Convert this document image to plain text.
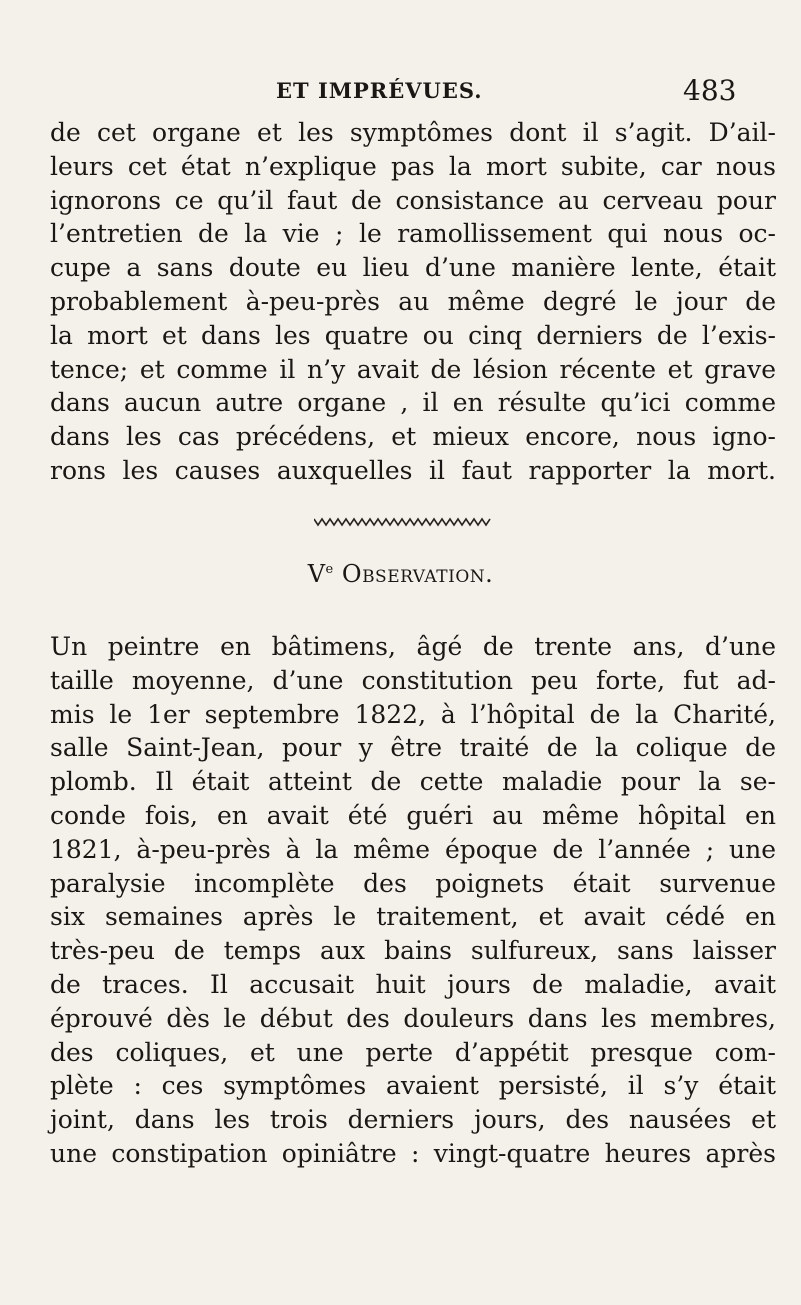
ET IMPRÉVUES.	483
de cet organe et les symptômes dont il s’agit. D’ail-
leurs cet état n’explique pas la mort subite, car nous
ignorons ce qu’il faut de consistance au cerveau pour
l’entretien de la vie ; le ramollissement qui nous oc-
cupe a sans doute eu lieu d’une manière lente, était
probablement à-peu-près au même degré le jour de
la mort et dans les quatre ou cinq derniers de l’exis-
tence; et comme il n’y avait de lésion récente et grave
dans aucun autre organe , il en résulte qu’ici comme
dans les cas précédens, et mieux encore, nous igno-
rons les causes auxquelles il faut rapporter la mort.
Ve Observation.
Un peintre en bâtimens, âgé de trente ans, d’une
taille moyenne, d’une constitution peu forte, fut ad-
mis le 1er septembre 1822, à l’hôpital de la Charité,
salle Saint-Jean, pour y être traité de la colique de
plomb. Il était atteint de cette maladie pour la se-
conde fois, en avait été guéri au même hôpital en
1821, à-peu-près à la même époque de l’année ; une
paralysie incomplète des poignets était survenue
six semaines après le traitement, et avait cédé en
très-peu de temps aux bains sulfureux, sans laisser
de traces. Il accusait huit jours de maladie, avait
éprouvé dès le début des douleurs dans les membres,
des coliques, et une perte d’appétit presque com-
plète : ces symptômes avaient persisté, il s’y était
joint, dans les trois derniers jours, des nausées et
une constipation opiniâtre : vingt-quatre heures après
